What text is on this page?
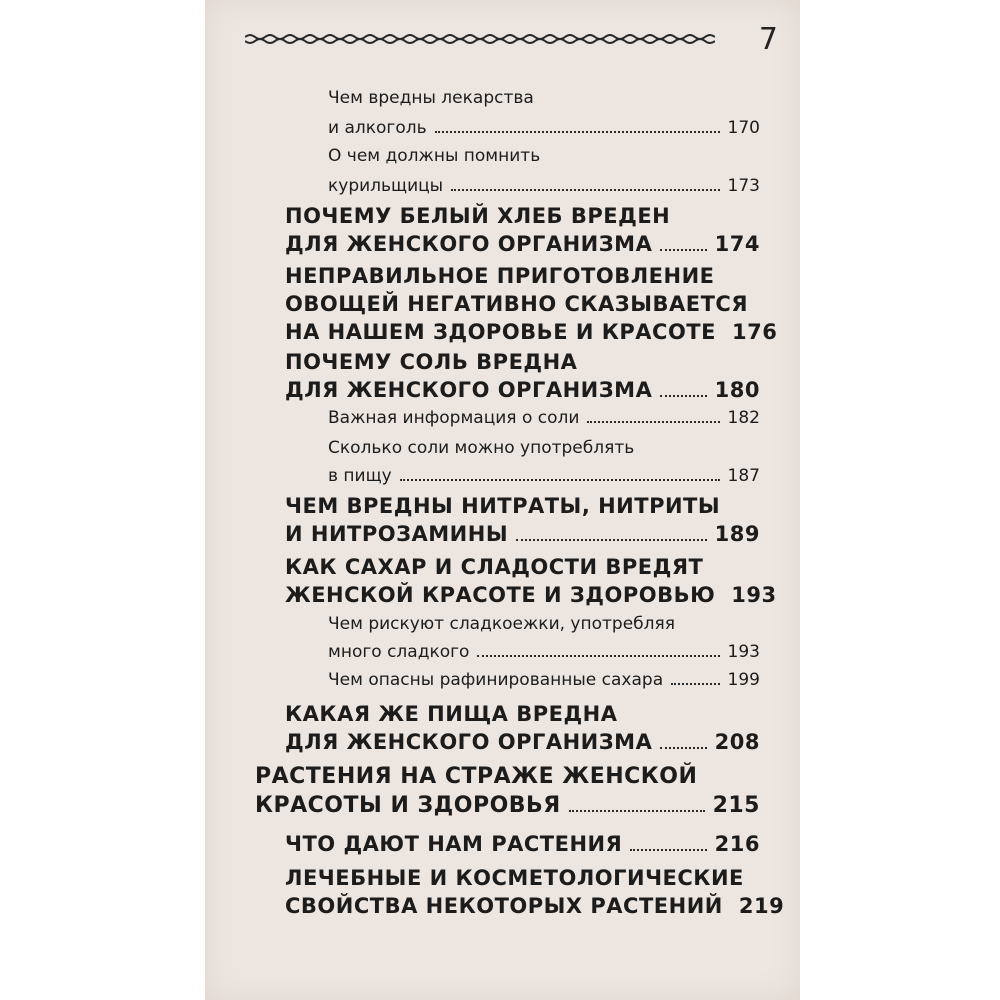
7
Чем вредны лекарства
и алкоголь	170
О чем должны помнить
курильщицы	173
ПОЧЕМУ БЕЛЫЙ ХЛЕБ ВРЕДЕН
ДЛЯ ЖЕНСКОГО ОРГАНИЗМА	174
НЕПРАВИЛЬНОЕ ПРИГОТОВЛЕНИЕ
ОВОЩЕЙ НЕГАТИВНО СКАЗЫВАЕТСЯ
НА НАШЕМ ЗДОРОВЬЕ И КРАСОТЕ 176
ПОЧЕМУ СОЛЬ ВРЕДНА
ДЛЯ ЖЕНСКОГО ОРГАНИЗМА	180
Важная информация о соли	182
Сколько соли можно употреблять
в пищу	187
ЧЕМ ВРЕДНЫ НИТРАТЫ, НИТРИТЫ
И НИТРОЗАМИНЫ	189
КАК САХАР И СЛАДОСТИ ВРЕДЯТ
ЖЕНСКОЙ КРАСОТЕ И ЗДОРОВЬЮ 193
Чем рискуют сладкоежки, употребляя
много сладкого	193
Чем опасны рафинированные сахара	199
КАКАЯ ЖЕ ПИЩА ВРЕДНА
ДЛЯ ЖЕНСКОГО ОРГАНИЗМА	208
РАСТЕНИЯ НА СТРАЖЕ ЖЕНСКОЙ
КРАСОТЫ И ЗДОРОВЬЯ	215
ЧТО ДАЮТ НАМ РАСТЕНИЯ	216
ЛЕЧЕБНЫЕ И КОСМЕТОЛОГИЧЕСКИЕ
СВОЙСТВА НЕКОТОРЫХ РАСТЕНИЙ 219
